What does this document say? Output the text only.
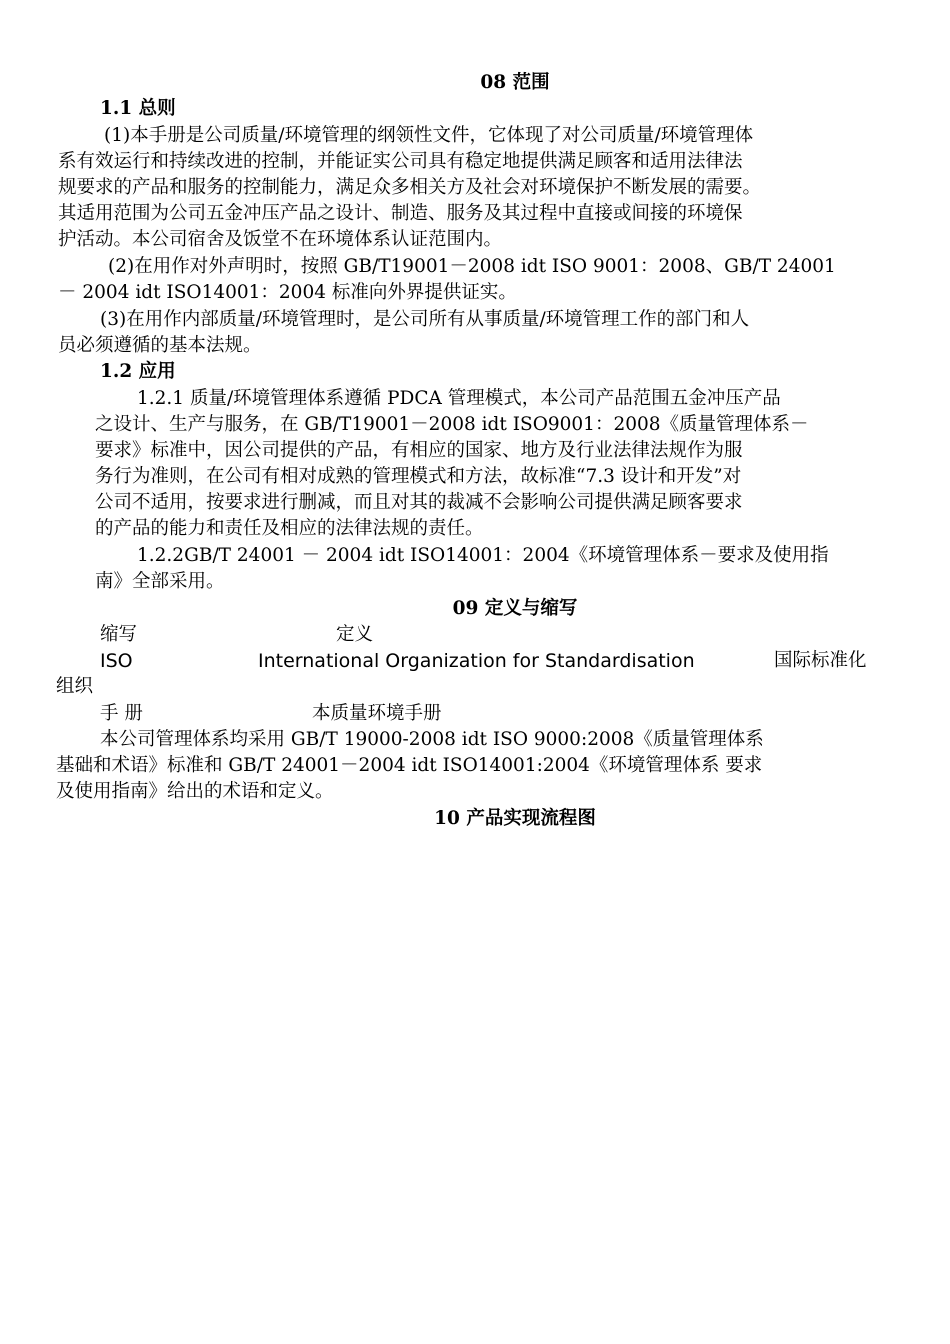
08 范围
1.1 总则
(1)本手册是公司质量/环境管理的纲领性文件，它体现了对公司质量/环境管理体
系有效运行和持续改进的控制，并能证实公司具有稳定地提供满足顾客和适用法律法
规要求的产品和服务的控制能力，满足众多相关方及社会对环境保护不断发展的需要。
其适用范围为公司五金冲压产品之设计、制造、服务及其过程中直接或间接的环境保
护活动。本公司宿舍及饭堂不在环境体系认证范围内。
(2)在用作对外声明时，按照 GB/T19001－2008 idt ISO 9001：2008、GB/T 24001
－ 2004 idt ISO14001：2004 标准向外界提供证实。
(3)在用作内部质量/环境管理时，是公司所有从事质量/环境管理工作的部门和人
员必须遵循的基本法规。
1.2 应用
1.2.1 质量/环境管理体系遵循 PDCA 管理模式，本公司产品范围五金冲压产品
之设计、生产与服务，在 GB/T19001－2008 idt ISO9001：2008《质量管理体系－
要求》标准中，因公司提供的产品，有相应的国家、地方及行业法律法规作为服
务行为准则，在公司有相对成熟的管理模式和方法，故标准“7.3 设计和开发”对
公司不适用，按要求进行删减，而且对其的裁减不会影响公司提供满足顾客要求
的产品的能力和责任及相应的法律法规的责任。
1.2.2GB/T 24001 － 2004 idt ISO14001：2004《环境管理体系－要求及使用指
南》全部采用。
09 定义与缩写
缩写	定义
ISO	International Organization for Standardisation	国际标准化
组织
手 册	本质量环境手册
本公司管理体系均采用 GB/T 19000-2008 idt ISO 9000:2008《质量管理体系
基础和术语》标准和 GB/T 24001－2004 idt ISO14001:2004《环境管理体系 要求
及使用指南》给出的术语和定义。
10 产品实现流程图
